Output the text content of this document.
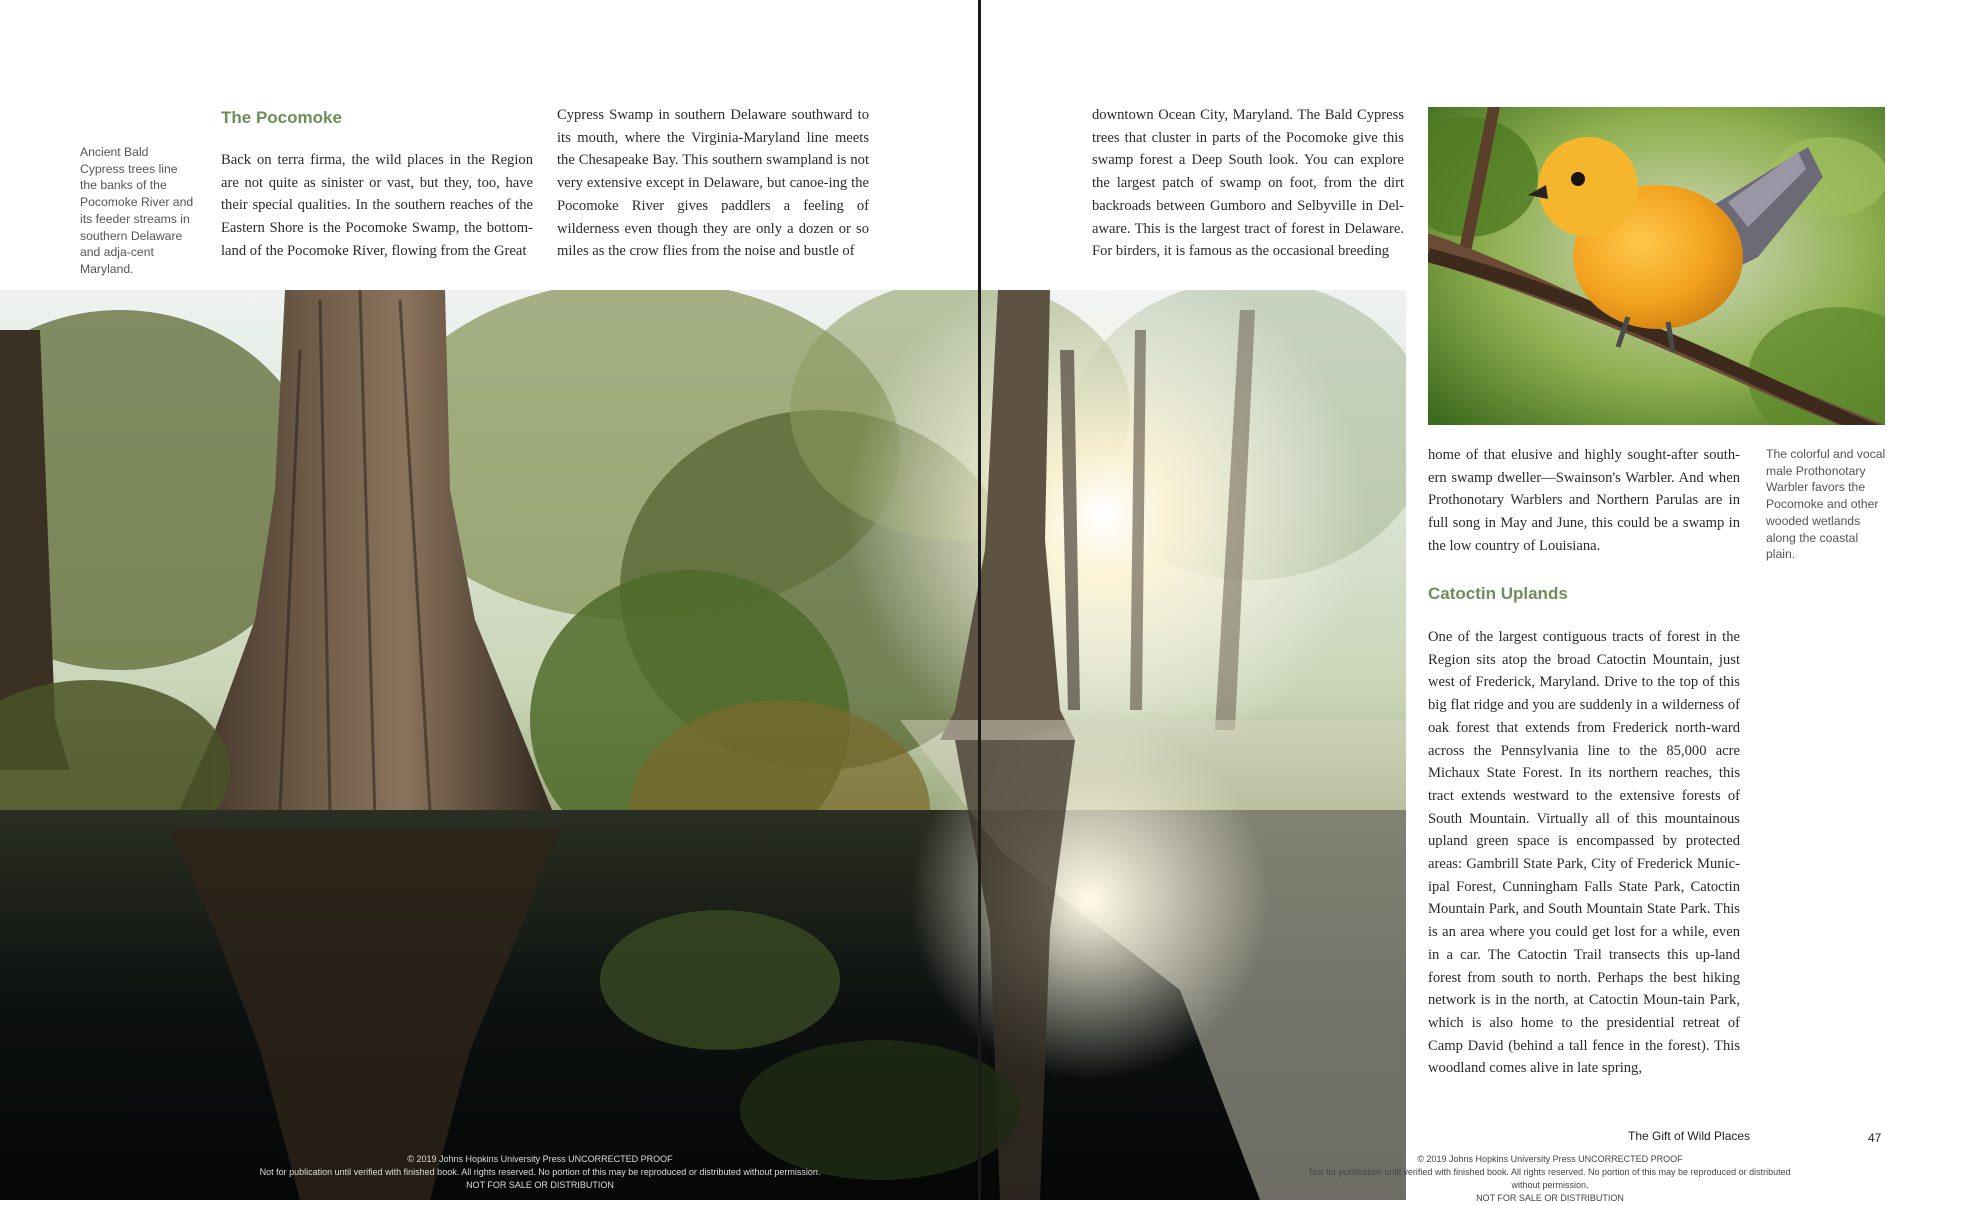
Ancient Bald Cypress trees line the banks of the Pocomoke River and its feeder streams in southern Delaware and adja-cent Maryland.
The Pocomoke
Back on terra firma, the wild places in the Region are not quite as sinister or vast, but they, too, have their special qualities. In the southern reaches of the Eastern Shore is the Pocomoke Swamp, the bottom-land of the Pocomoke River, flowing from the Great
Cypress Swamp in southern Delaware southward to its mouth, where the Virginia-Maryland line meets the Chesapeake Bay. This southern swampland is not very extensive except in Delaware, but canoe-ing the Pocomoke River gives paddlers a feeling of wilderness even though they are only a dozen or so miles as the crow flies from the noise and bustle of
© 2019 Johns Hopkins University Press UNCORRECTED PROOF
Not for publication until verified with finished book. All rights reserved. No portion of this may be reproduced or distributed without permission.
NOT FOR SALE OR DISTRIBUTION
downtown Ocean City, Maryland. The Bald Cypress trees that cluster in parts of the Pocomoke give this swamp forest a Deep South look. You can explore the largest patch of swamp on foot, from the dirt backroads between Gumboro and Selbyville in Del-aware. This is the largest tract of forest in Delaware. For birders, it is famous as the occasional breeding
home of that elusive and highly sought-after south-ern swamp dweller—Swainson's Warbler. And when Prothonotary Warblers and Northern Parulas are in full song in May and June, this could be a swamp in the low country of Louisiana.
The colorful and vocal male Prothonotary Warbler favors the Pocomoke and other wooded wetlands along the coastal plain.
Catoctin Uplands
One of the largest contiguous tracts of forest in the Region sits atop the broad Catoctin Mountain, just west of Frederick, Maryland. Drive to the top of this big flat ridge and you are suddenly in a wilderness of oak forest that extends from Frederick north-ward across the Pennsylvania line to the 85,000 acre Michaux State Forest. In its northern reaches, this tract extends westward to the extensive forests of South Mountain. Virtually all of this mountainous upland green space is encompassed by protected areas: Gambrill State Park, City of Frederick Munic-ipal Forest, Cunningham Falls State Park, Catoctin Mountain Park, and South Mountain State Park. This is an area where you could get lost for a while, even in a car. The Catoctin Trail transects this up-land forest from south to north. Perhaps the best hiking network is in the north, at Catoctin Moun-tain Park, which is also home to the presidential retreat of Camp David (behind a tall fence in the forest). This woodland comes alive in late spring,
The Gift of Wild Places	47
© 2019 Johns Hopkins University Press UNCORRECTED PROOF
Not for publication until verified with finished book. All rights reserved. No portion of this may be reproduced or distributed without permission.
NOT FOR SALE OR DISTRIBUTION
